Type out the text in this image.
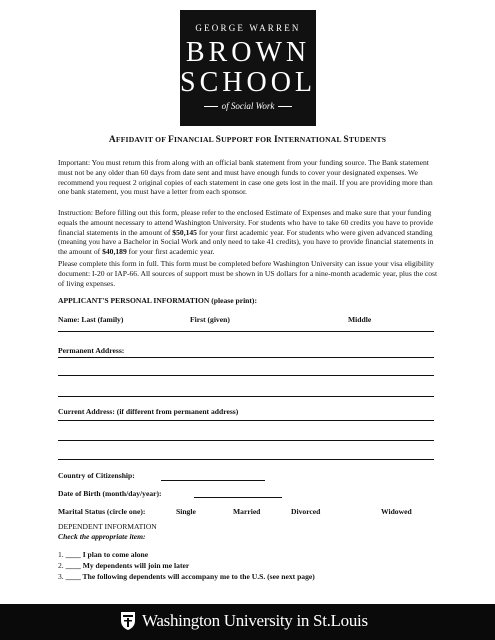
GEORGE WARREN
BROWN
SCHOOL
of Social Work
AFFIDAVIT OF FINANCIAL SUPPORT FOR INTERNATIONAL STUDENTS

Important: You must return this from along with an official bank statement from your funding source. The Bank statement must not be any older than 60 days from date sent and must have enough funds to cover your designated expenses. We recommend you request 2 original copies of each statement in case one gets lost in the mail. If you are providing more than one bank statement, you must have a letter from each sponsor.

Instruction: Before filling out this form, please refer to the enclosed Estimate of Expenses and make sure that your funding equals the amount necessary to attend Washington University. For students who have to take 60 credits you have to provide financial statements in the amount of $50,145 for your first academic year. For students who were given advanced standing (meaning you have a Bachelor in Social Work and only need to take 41 credits), you have to provide financial statements in the amount of $40,189 for your first academic year.

Please complete this form in full. This form must be completed before Washington University can issue your visa eligibility document: I-20 or IAP-66. All sources of support must be shown in US dollars for a nine-month academic year, plus the cost of living expenses.

APPLICANT'S PERSONAL INFORMATION (please print):
Name: Last (family)	First (given)	Middle
Permanent Address:
Current Address: (if different from permanent address)
Country of Citizenship:
Date of Birth (month/day/year):
Marital Status (circle one):	Single	Married	Divorced	Widowed
DEPENDENT INFORMATION
Check the appropriate item:
1. ____ I plan to come alone
2. ____ My dependents will join me later
3. ____ The following dependents will accompany me to the U.S. (see next page)
Washington University in St.Louis
